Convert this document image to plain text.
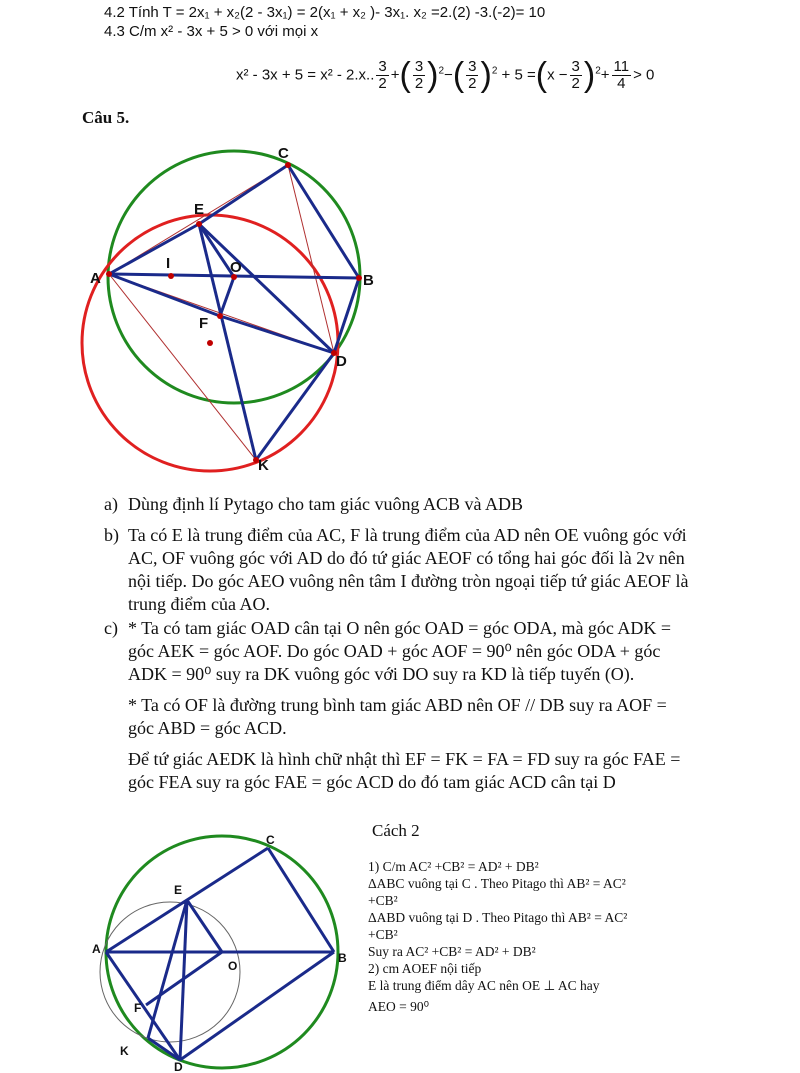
4.2 Tính T = 2x₁ + x₂(2 - 3x₁) = 2(x₁ + x₂ )- 3x₁. x₂ =2.(2) -3.(-2)= 10
4.3 C/m x² - 3x + 5 > 0 với mọi x
x² - 3x + 5 = x² - 2.x.. $\frac{3}{2}$ +( $\frac{3}{2} )^2-( \frac{3}{2} )^2 + 5 =(x - \frac{3}{2} )^2+ \frac{11}{4} > 0$
Câu 5.
C
E
I	O
A	B
F
D
K
a) Dùng định lí Pytago cho tam giác vuông ACB và ADB
b) Ta có E là trung điểm của AC, F là trung điểm của AD nên OE vuông góc với
AC, OF vuông góc với AD do đó tứ giác AEOF có tổng hai góc đối là 2v nên
nội tiếp. Do góc AEO vuông nên tâm I đường tròn ngoại tiếp tứ giác AEOF là
trung điểm của AO.
c) * Ta có tam giác OAD cân tại O nên góc OAD = góc ODA, mà góc ADK =
góc AEK = góc AOF. Do góc OAD + góc AOF = 90⁰ nên góc ODA + góc
ADK = 90⁰ suy ra DK vuông góc với DO suy ra KD là tiếp tuyến (O).
* Ta có OF là đường trung bình tam giác ABD nên OF // DB suy ra AOF =
góc ABD = góc ACD.
Để tứ giác AEDK là hình chữ nhật thì EF = FK = FA = FD suy ra góc FAE =
góc FEA suy ra góc FAE = góc ACD do đó tam giác ACD cân tại D
Cách 2
1) C/m AC² +CB² = AD² + DB²
ΔABC vuông tại C . Theo Pitago thì AB² = AC²
+CB²
ΔABD vuông tại D . Theo Pitago thì AB² = AC²
+CB²
Suy ra AC² +CB² = AD² + DB²
2) cm AOEF nội tiếp
E là trung điểm dây AC nên OE ⊥ AC hay
AEO = 90⁰
C
E
A
O
B
F
K
D
